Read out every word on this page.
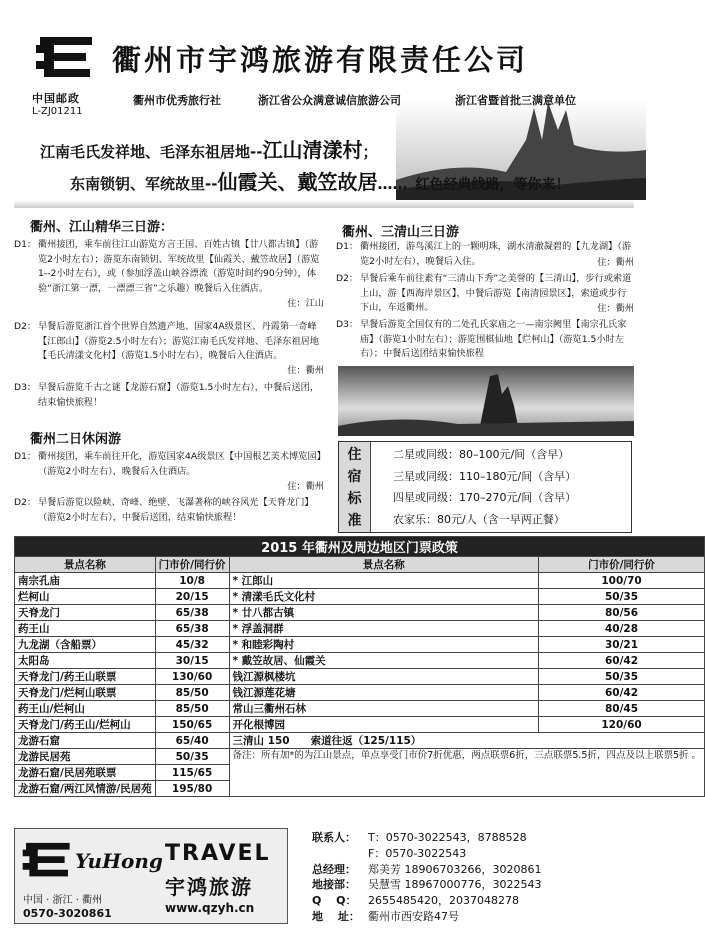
中国邮政
L-ZJ01211
衢州市宇鸿旅游有限责任公司
衢州市优秀旅行社	浙江省公众满意诚信旅游公司	浙江省暨首批三满意单位
江南毛氏发祥地、毛泽东祖居地--江山清漾村；
东南锁钥、军统故里--仙霞关、戴笠故居…… 红色经典线路，等你来！
衢州、江山精华三日游：
D1： 衢州接团，乘车前往江山游览方言王国、百姓古镇【廿八都古镇】（游览2小时左右）；游览东南锁钥、军统故里【仙霞关、戴笠故居】（游览1--2小时左右），或（参加浮盖山峡谷漂流（游览时间约90分钟），体验“浙江第一漂，一漂漂三省”之乐趣）晚餐后入住酒店。
住：江山
D2： 早餐后游览浙江首个世界自然遗产地、国家4A级景区、丹霞第一奇峰【江郎山】（游览2.5小时左右）；游览江南毛氏发祥地、毛泽东祖居地【毛氏清漾文化村】（游览1.5小时左右），晚餐后入住酒店。
住：衢州
D3： 早餐后游览千古之谜【龙游石窟】（游览1.5小时左右），中餐后送团，结束愉快旅程！
衢州二日休闲游
D1： 衢州接团，乘车前往开化，游览国家4A级景区【中国根艺美术博览园】（游览2小时左右），晚餐后入住酒店。
住：衢州
D2： 早餐后游览以险峡、奇峰、绝壁、飞瀑著称的峡谷风光【天脊龙门】（游览2小时左右），中餐后送团，结束愉快旅程！
衢州、三清山三日游
D1： 衢州接团，游鸟溪江上的一颗明珠，湖水清澈凝碧的【九龙湖】（游览2小时左右），晚餐后入住。	住：衢州
D2： 早餐后乘车前往素有“三清山下秀”之美誉的【三清山】，步行或索道上山，游【西海岸景区】，中餐后游览【南清园景区】，索道或步行下山，车返衢州。	住：衢州
D3： 早餐后游览全国仅有的二处孔氏家庙之一—南宗阙里【南宗孔氏家庙】（游览1小时左右）；游览围棋仙地【烂柯山】（游览1.5小时左右）；中餐后送团结束愉快旅程
住
宿
标
准
二星或同级：80–100元/间（含早）
三星或同级：110–180元/间（含早）
四星或同级：170–270元/间（含早）
农家乐：80元/人（含一早两正餐）
2015 年衢州及周边地区门票政策			
景点名称	门市价/同行价	景点名称	门市价/同行价
南宗孔庙	10/8	* 江郎山	100/70
烂柯山	20/15	* 清漾毛氏文化村	50/35
天脊龙门	65/38	* 廿八都古镇	80/56
药王山	65/38	* 浮盖洞群	40/28
九龙湖（含船票）	45/32	* 和睦彩陶村	30/21
太阳岛	30/15	* 戴笠故居、仙霞关	60/42
天脊龙门/药王山联票	130/60	钱江源枫楼坑	50/35
天脊龙门/烂柯山联票	85/50	钱江源莲花塘	60/42
药王山/烂柯山	85/50	常山三衢州石林	80/45
天脊龙门/药王山/烂柯山	150/65	开化根博园	120/60
龙游石窟	65/40	三清山 150　　索道往返（125/115）	
龙游民居苑	50/35	备注：所有加*的为江山景点，单点享受门市价7折优惠，两点联票6折，三点联票5.5折，四点及以上联票5折 。	
龙游石窟/民居苑联票	115/65		
龙游石窟/两江风情游/民居苑	195/80		
YuHong TRAVEL
宇鸿旅游
中国 · 浙江 · 衢州
0570-3020861	www.qzyh.cn
联系人： T：0570-3022543，8788528
F：0570-3022543
总经理： 郑美芳 18906703266，3020861
地接部： 吴慧雪 18967000776，3022543
Q　 Q： 2655485420，2037048278
地　 址： 衢州市西安路47号
